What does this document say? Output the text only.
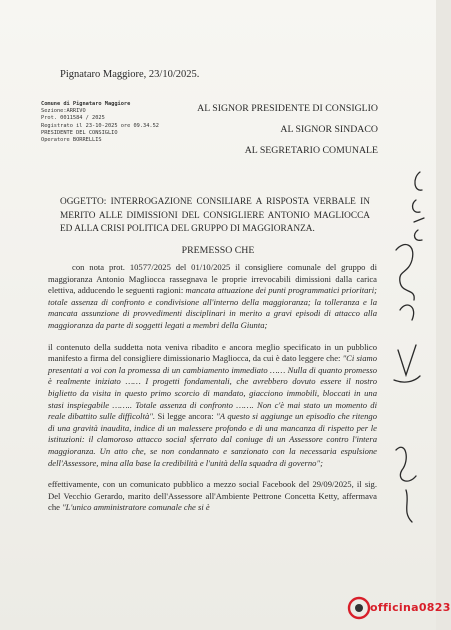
Pignataro Maggiore, 23/10/2025.
Comune di Pignataro Maggiore
Sezione:ARRIVO
Prot. 0011584 / 2025
Registrato il 23-10-2025 ore 09.34.52
PRESIDENTE DEL CONSIGLIO
Operatore BORRELLIS
AL SIGNOR PRESIDENTE DI CONSIGLIO
AL SIGNOR SINDACO
AL SEGRETARIO COMUNALE
OGGETTO: INTERROGAZIONE CONSILIARE A RISPOSTA VERBALE IN MERITO ALLE DIMISSIONI DEL CONSIGLIERE ANTONIO MAGLIOCCA ED ALLA CRISI POLITICA DEL GRUPPO DI MAGGIORANZA.
PREMESSO CHE

con nota prot. 10577/2025 del 01/10/2025 il consigliere comunale del gruppo di maggioranza Antonio Magliocca rassegnava le proprie irrevocabili dimissioni dalla carica elettiva, adducendo le seguenti ragioni: mancata attuazione dei punti programmatici prioritari; totale assenza di confronto e condivisione all'interno della maggioranza; la tolleranza e la mancata assunzione di provvedimenti disciplinari in merito a gravi episodi di attacco alla maggioranza da parte di soggetti legati a membri della Giunta;

il contenuto della suddetta nota veniva ribadito e ancora meglio specificato in un pubblico manifesto a firma del consigliere dimissionario Magliocca, da cui è dato leggere che: "Ci siamo presentati a voi con la promessa di un cambiamento immediato …… Nulla di quanto promesso è realmente iniziato …… I progetti fondamentali, che avrebbero dovuto essere il nostro biglietto da visita in questo primo scorcio di mandato, giacciono immobili, bloccati in una stasi inspiegabile …….. Totale assenza di confronto ……. Non c'è mai stato un momento di reale dibattito sulle difficoltà". Si legge ancora: "A questo si aggiunge un episodio che ritengo di una gravità inaudita, indice di un malessere profondo e di una mancanza di rispetto per le istituzioni: il clamoroso attacco social sferrato dal coniuge di un Assessore contro l'intera maggioranza. Un atto che, se non condannato e sanzionato con la necessaria espulsione dell'Assessore, mina alla base la credibilità e l'unità della squadra di governo";

effettivamente, con un comunicato pubblico a mezzo social Facebook del 29/09/2025, il sig. Del Vecchio Gerardo, marito dell'Assessore all'Ambiente Pettrone Concetta Ketty, affermava che "L'unico amministratore comunale che si è

officina0823
